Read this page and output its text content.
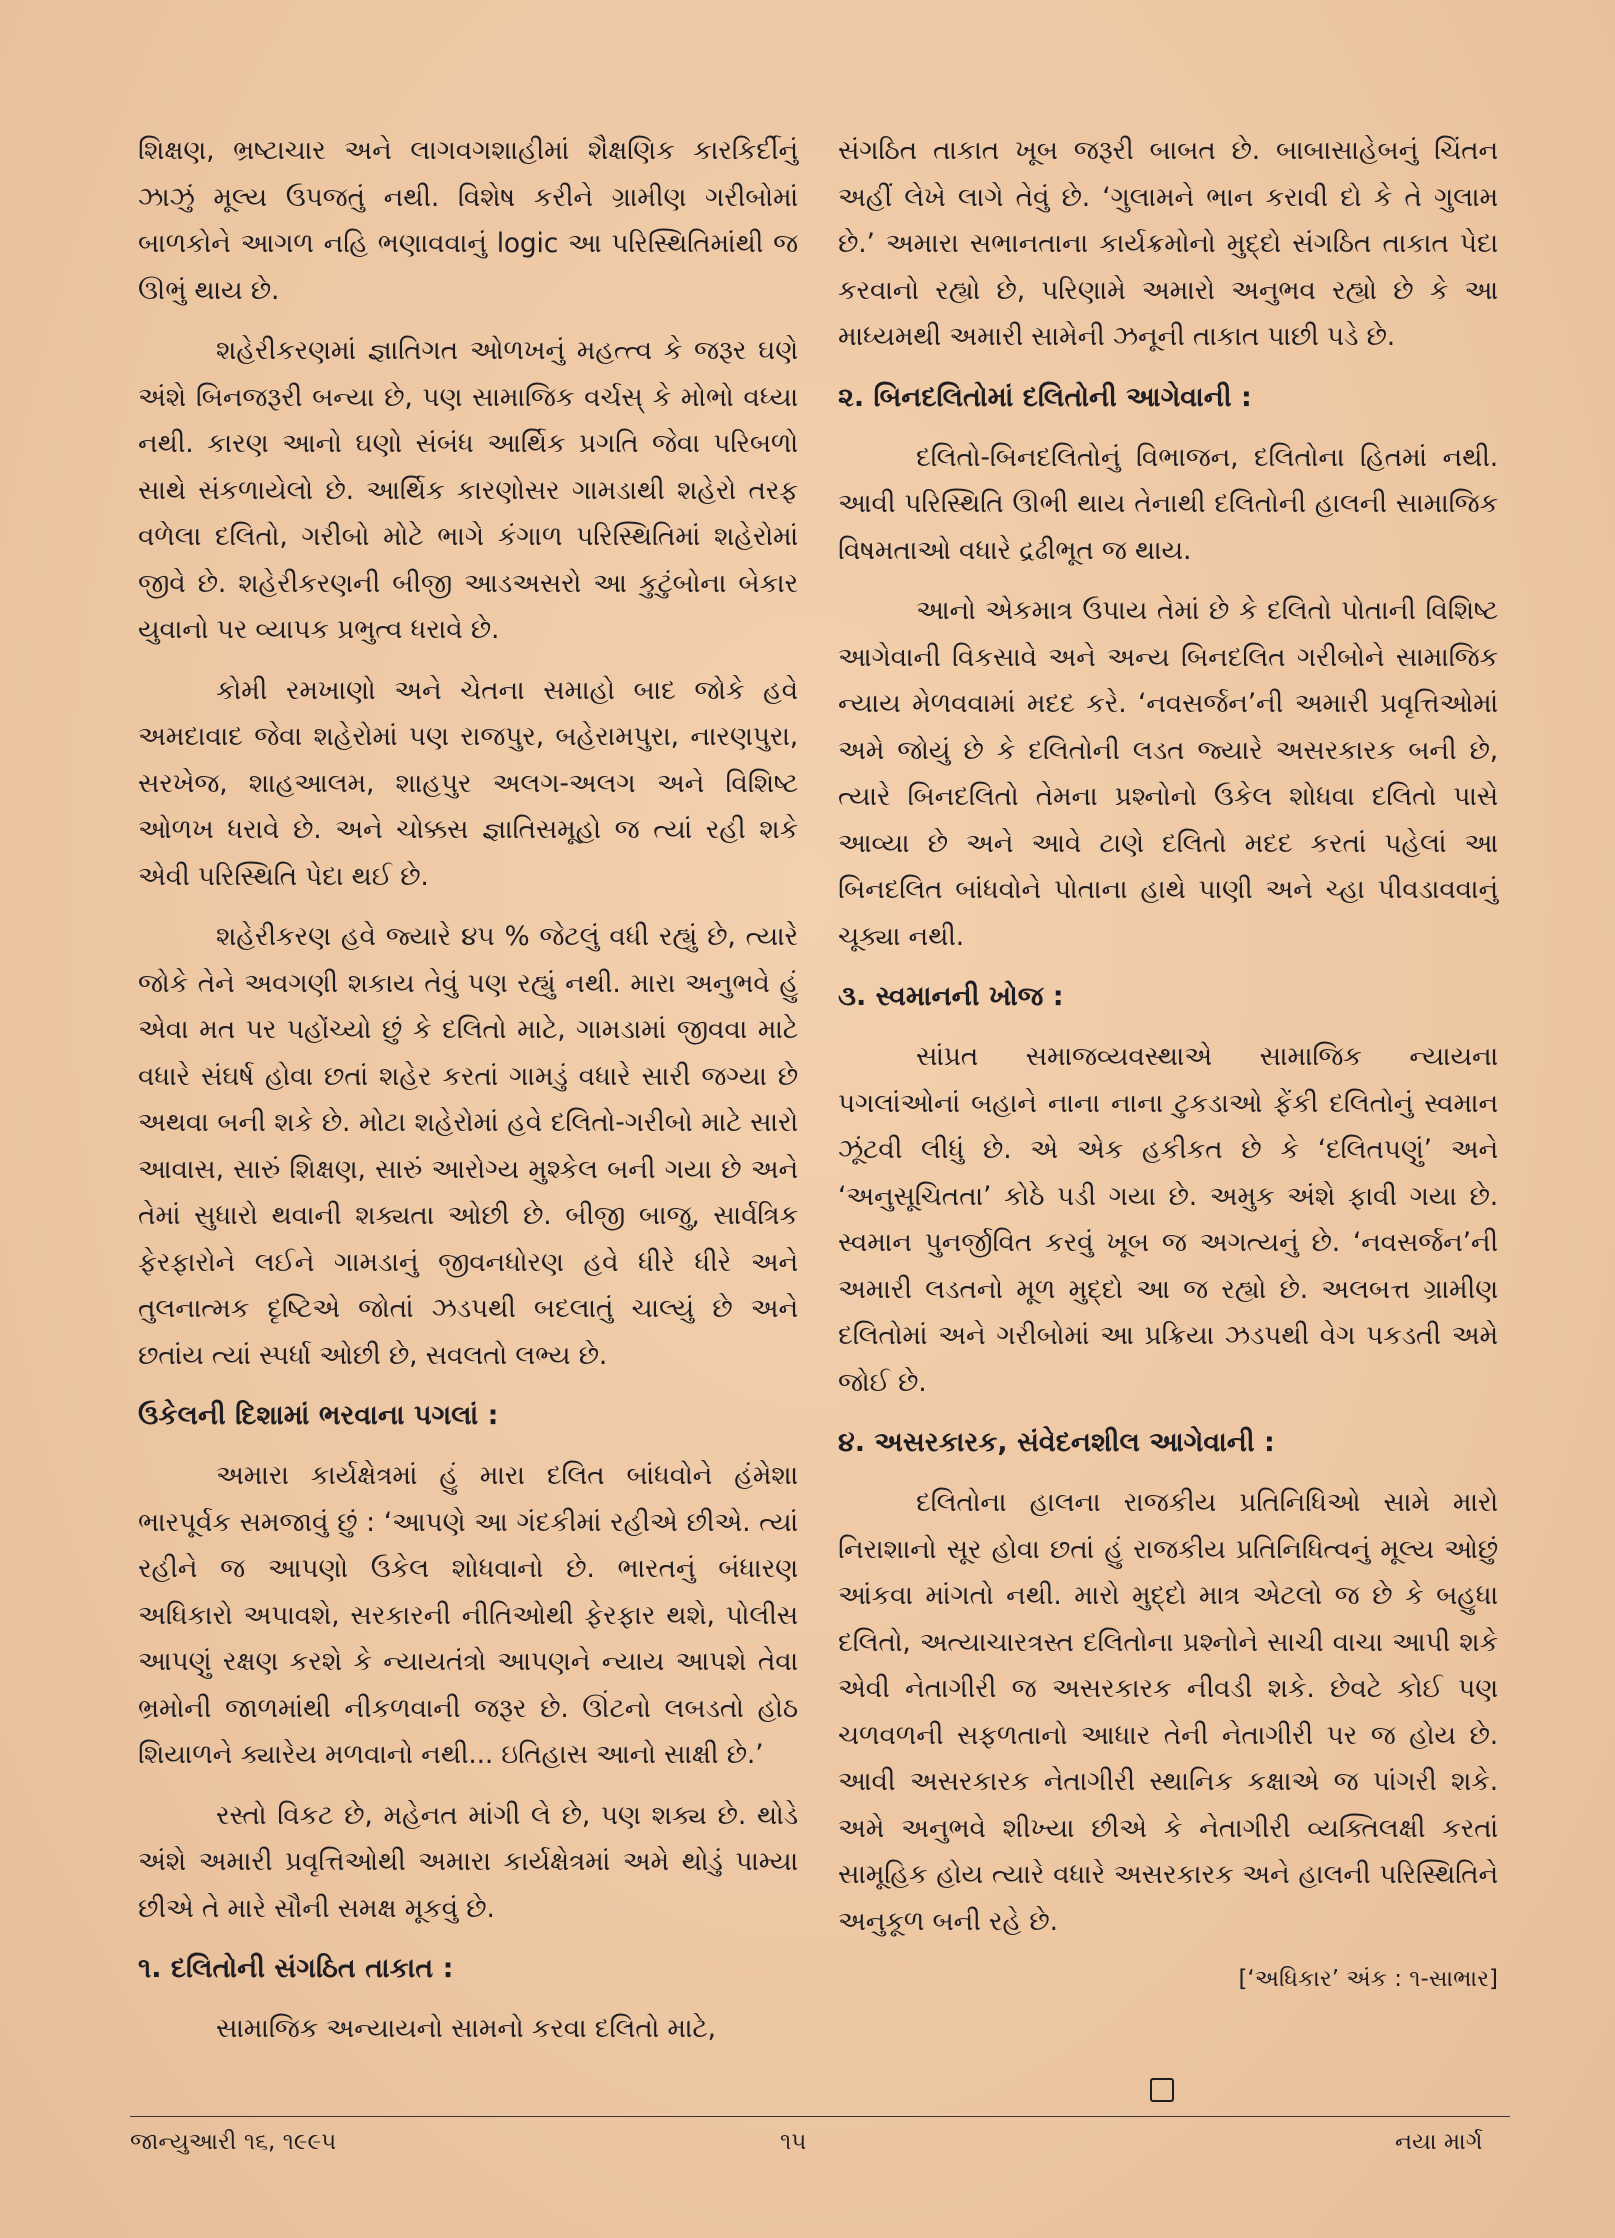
શિક્ષણ, ભ્રષ્ટાચાર અને લાગવગશાહીમાં શૈક્ષણિક કારકિર્દીનું ઝાઝું મૂલ્ય ઉપજતું નથી. વિશેષ કરીને ગ્રામીણ ગરીબોમાં બાળકોને આગળ નહિ ભણાવવાનું logic આ પરિસ્થિતિમાંથી જ ઊભું થાય છે.

શહેરીકરણમાં જ્ઞાતિગત ઓળખનું મહત્ત્વ કે જરૂર ઘણે અંશે બિનજરૂરી બન્યા છે, પણ સામાજિક વર્ચસ્ કે મોભો વધ્યા નથી. કારણ આનો ઘણો સંબંધ આર્થિક પ્રગતિ જેવા પરિબળો સાથે સંકળાયેલો છે. આર્થિક કારણોસર ગામડાથી શહેરો તરફ વળેલા દલિતો, ગરીબો મોટે ભાગે કંગાળ પરિસ્થિતિમાં શહેરોમાં જીવે છે. શહેરીકરણની બીજી આડઅસરો આ કુટુંબોના બેકાર યુવાનો પર વ્યાપક પ્રભુત્વ ધરાવે છે.

કોમી રમખાણો અને ચેતના સમાહો બાદ જોકે હવે અમદાવાદ જેવા શહેરોમાં પણ રાજપુર, બહેરામપુરા, નારણપુરા, સરખેજ, શાહઆલમ, શાહપુર અલગ-અલગ અને વિશિષ્ટ ઓળખ ધરાવે છે. અને ચોક્કસ જ્ઞાતિસમૂહો જ ત્યાં રહી શકે એવી પરિસ્થિતિ પેદા થઈ છે.

શહેરીકરણ હવે જ્યારે ૪૫ % જેટલું વધી રહ્યું છે, ત્યારે જોકે તેને અવગણી શકાય તેવું પણ રહ્યું નથી. મારા અનુભવે હું એવા મત પર પહોંચ્યો છું કે દલિતો માટે, ગામડામાં જીવવા માટે વધારે સંઘર્ષ હોવા છતાં શહેર કરતાં ગામડું વધારે સારી જગ્યા છે અથવા બની શકે છે. મોટા શહેરોમાં હવે દલિતો-ગરીબો માટે સારો આવાસ, સારું શિક્ષણ, સારું આરોગ્ય મુશ્કેલ બની ગયા છે અને તેમાં સુધારો થવાની શક્યતા ઓછી છે. બીજી બાજુ, સાર્વત્રિક ફેરફારોને લઈને ગામડાનું જીવનધોરણ હવે ધીરે ધીરે અને તુલનાત્મક દૃષ્ટિએ જોતાં ઝડપથી બદલાતું ચાલ્યું છે અને છતાંય ત્યાં સ્પર્ધા ઓછી છે, સવલતો લભ્ય છે.

ઉકેલની દિશામાં ભરવાના પગલાં :

અમારા કાર્યક્ષેત્રમાં હું મારા દલિત બાંધવોને હંમેશા ભારપૂર્વક સમજાવું છું : ‘આપણે આ ગંદકીમાં રહીએ છીએ. ત્યાં રહીને જ આપણો ઉકેલ શોધવાનો છે. ભારતનું બંધારણ અધિકારો અપાવશે, સરકારની નીતિઓથી ફેરફાર થશે, પોલીસ આપણું રક્ષણ કરશે કે ન્યાયતંત્રો આપણને ન્યાય આપશે તેવા ભ્રમોની જાળમાંથી નીકળવાની જરૂર છે. ઊંટનો લબડતો હોઠ શિયાળને ક્યારેય મળવાનો નથી... ઇતિહાસ આનો સાક્ષી છે.’

રસ્તો વિકટ છે, મહેનત માંગી લે છે, પણ શક્ય છે. થોડે અંશે અમારી પ્રવૃત્તિઓથી અમારા કાર્યક્ષેત્રમાં અમે થોડું પામ્યા છીએ તે મારે સૌની સમક્ષ મૂકવું છે.

૧. દલિતોની સંગઠિત તાકાત :

સામાજિક અન્યાયનો સામનો કરવા દલિતો માટે,

સંગઠિત તાકાત ખૂબ જરૂરી બાબત છે. બાબાસાહેબનું ચિંતન અહીં લેખે લાગે તેવું છે. ‘ગુલામને ભાન કરાવી દો કે તે ગુલામ છે.’ અમારા સભાનતાના કાર્યક્રમોનો મુદ્દો સંગઠિત તાકાત પેદા કરવાનો રહ્યો છે, પરિણામે અમારો અનુભવ રહ્યો છે કે આ માધ્યમથી અમારી સામેની ઝનૂની તાકાત પાછી પડે છે.

૨. બિનદલિતોમાં દલિતોની આગેવાની :

દલિતો-બિનદલિતોનું વિભાજન, દલિતોના હિતમાં નથી. આવી પરિસ્થિતિ ઊભી થાય તેનાથી દલિતોની હાલની સામાજિક વિષમતાઓ વધારે દ્રઢીભૂત જ થાય.

આનો એકમાત્ર ઉપાય તેમાં છે કે દલિતો પોતાની વિશિષ્ટ આગેવાની વિકસાવે અને અન્ય બિનદલિત ગરીબોને સામાજિક ન્યાય મેળવવામાં મદદ કરે. ‘નવસર્જન’ની અમારી પ્રવૃત્તિઓમાં અમે જોયું છે કે દલિતોની લડત જ્યારે અસરકારક બની છે, ત્યારે બિનદલિતો તેમના પ્રશ્નોનો ઉકેલ શોધવા દલિતો પાસે આવ્યા છે અને આવે ટાણે દલિતો મદદ કરતાં પહેલાં આ બિનદલિત બાંધવોને પોતાના હાથે પાણી અને ચ્હા પીવડાવવાનું ચૂક્યા નથી.

૩. સ્વમાનની ખોજ :

સાંપ્રત સમાજવ્યવસ્થાએ સામાજિક ન્યાયના પગલાંઓનાં બહાને નાના નાના ટુકડાઓ ફેંકી દલિતોનું સ્વમાન ઝૂંટવી લીધું છે. એ એક હકીકત છે કે ‘દલિતપણું’ અને ‘અનુસૂચિતતા’ કોઠે પડી ગયા છે. અમુક અંશે ફાવી ગયા છે. સ્વમાન પુનર્જીવિત કરવું ખૂબ જ અગત્યનું છે. ‘નવસર્જન’ની અમારી લડતનો મૂળ મુદ્દો આ જ રહ્યો છે. અલબત્ત ગ્રામીણ દલિતોમાં અને ગરીબોમાં આ પ્રક્રિયા ઝડપથી વેગ પકડતી અમે જોઈ છે.

૪. અસરકારક, સંવેદનશીલ આગેવાની :

દલિતોના હાલના રાજકીય પ્રતિનિધિઓ સામે મારો નિરાશાનો સૂર હોવા છતાં હું રાજકીય પ્રતિનિધિત્વનું મૂલ્ય ઓછું આંકવા માંગતો નથી. મારો મુદ્દો માત્ર એટલો જ છે કે બહુધા દલિતો, અત્યાચારત્રસ્ત દલિતોના પ્રશ્નોને સાચી વાચા આપી શકે એવી નેતાગીરી જ અસરકારક નીવડી શકે. છેવટે કોઈ પણ ચળવળની સફળતાનો આધાર તેની નેતાગીરી પર જ હોય છે. આવી અસરકારક નેતાગીરી સ્થાનિક કક્ષાએ જ પાંગરી શકે. અમે અનુભવે શીખ્યા છીએ કે નેતાગીરી વ્યક્તિલક્ષી કરતાં સામૂહિક હોય ત્યારે વધારે અસરકારક અને હાલની પરિસ્થિતિને અનુકૂળ બની રહે છે.

[‘અધિકાર’ અંક : ૧-સાભાર]
જાન્યુઆરી ૧૬, ૧૯૯૫	૧૫	નયા માર્ગ
